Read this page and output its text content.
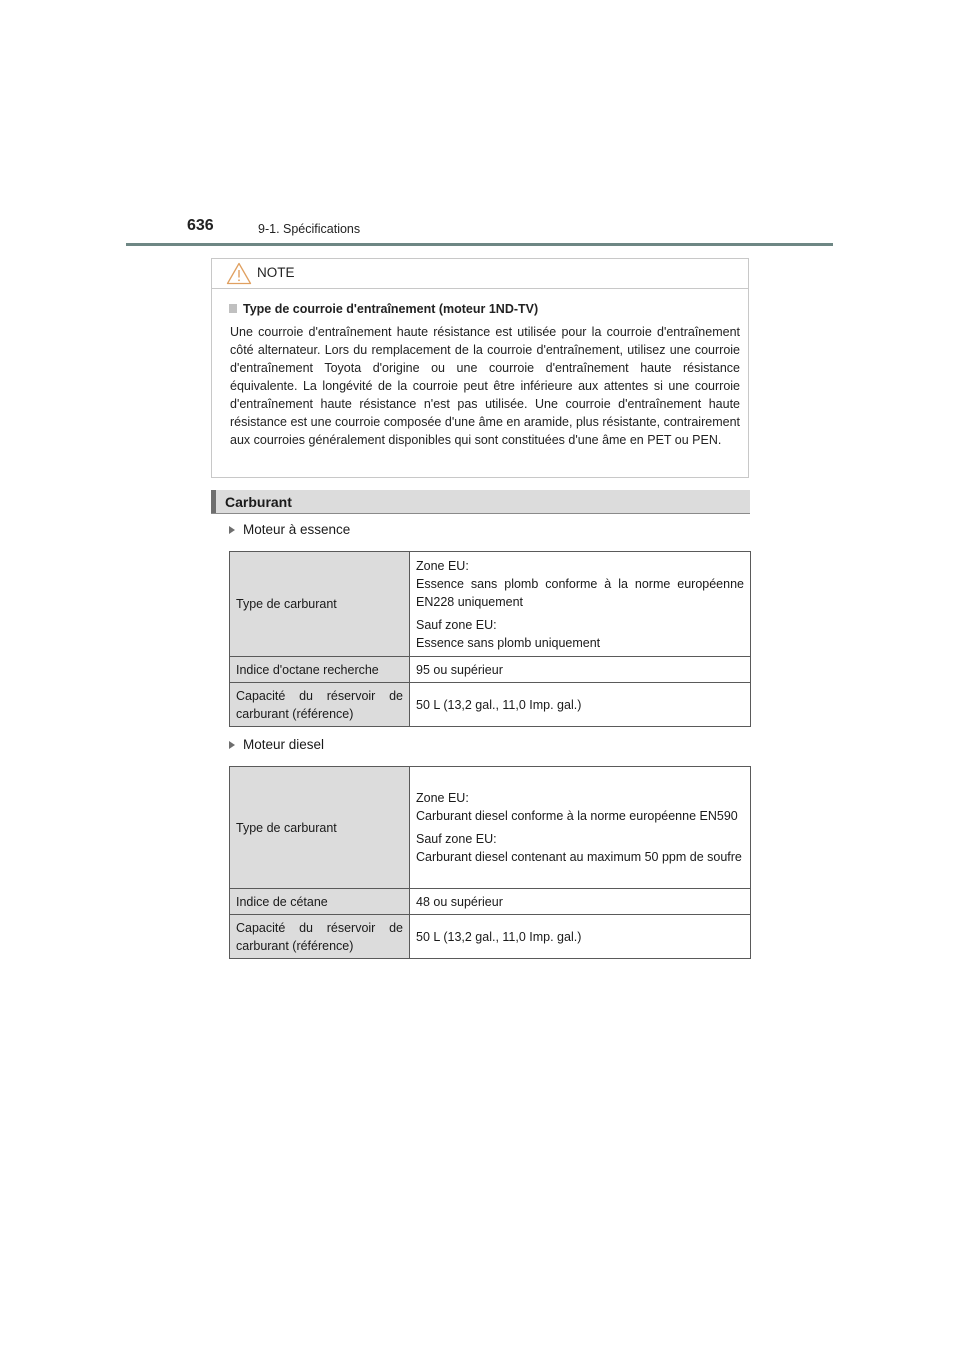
636	9-1. Spécifications
NOTE
Type de courroie d'entraînement (moteur 1ND-TV)

Une courroie d'entraînement haute résistance est utilisée pour la courroie d'entraînement côté alternateur. Lors du remplacement de la courroie d'entraînement, utilisez une courroie d'entraînement Toyota d'origine ou une courroie d'entraînement haute résistance équivalente. La longévité de la courroie peut être inférieure aux attentes si une courroie d'entraînement haute résistance n'est pas utilisée. Une courroie d'entraînement haute résistance est une courroie composée d'une âme en aramide, plus résistante, contrairement aux courroies généralement disponibles qui sont constituées d'une âme en PET ou PEN.

Carburant
Moteur à essence
Type de carburant	Zone EU:

Essence sans plomb conforme à la norme européenne EN228 uniquement

Sauf zone EU:

Essence sans plomb uniquement

Indice d'octane recherche	95 ou supérieur
Capacité du réservoir de carburant (référence)	50 L (13,2 gal., 11,0 Imp. gal.)
Moteur diesel
Type de carburant	Zone EU:

Carburant diesel conforme à la norme européenne EN590

Sauf zone EU:

Carburant diesel contenant au maximum 50 ppm de soufre

Indice de cétane	48 ou supérieur
Capacité du réservoir de carburant (référence)	50 L (13,2 gal., 11,0 Imp. gal.)
